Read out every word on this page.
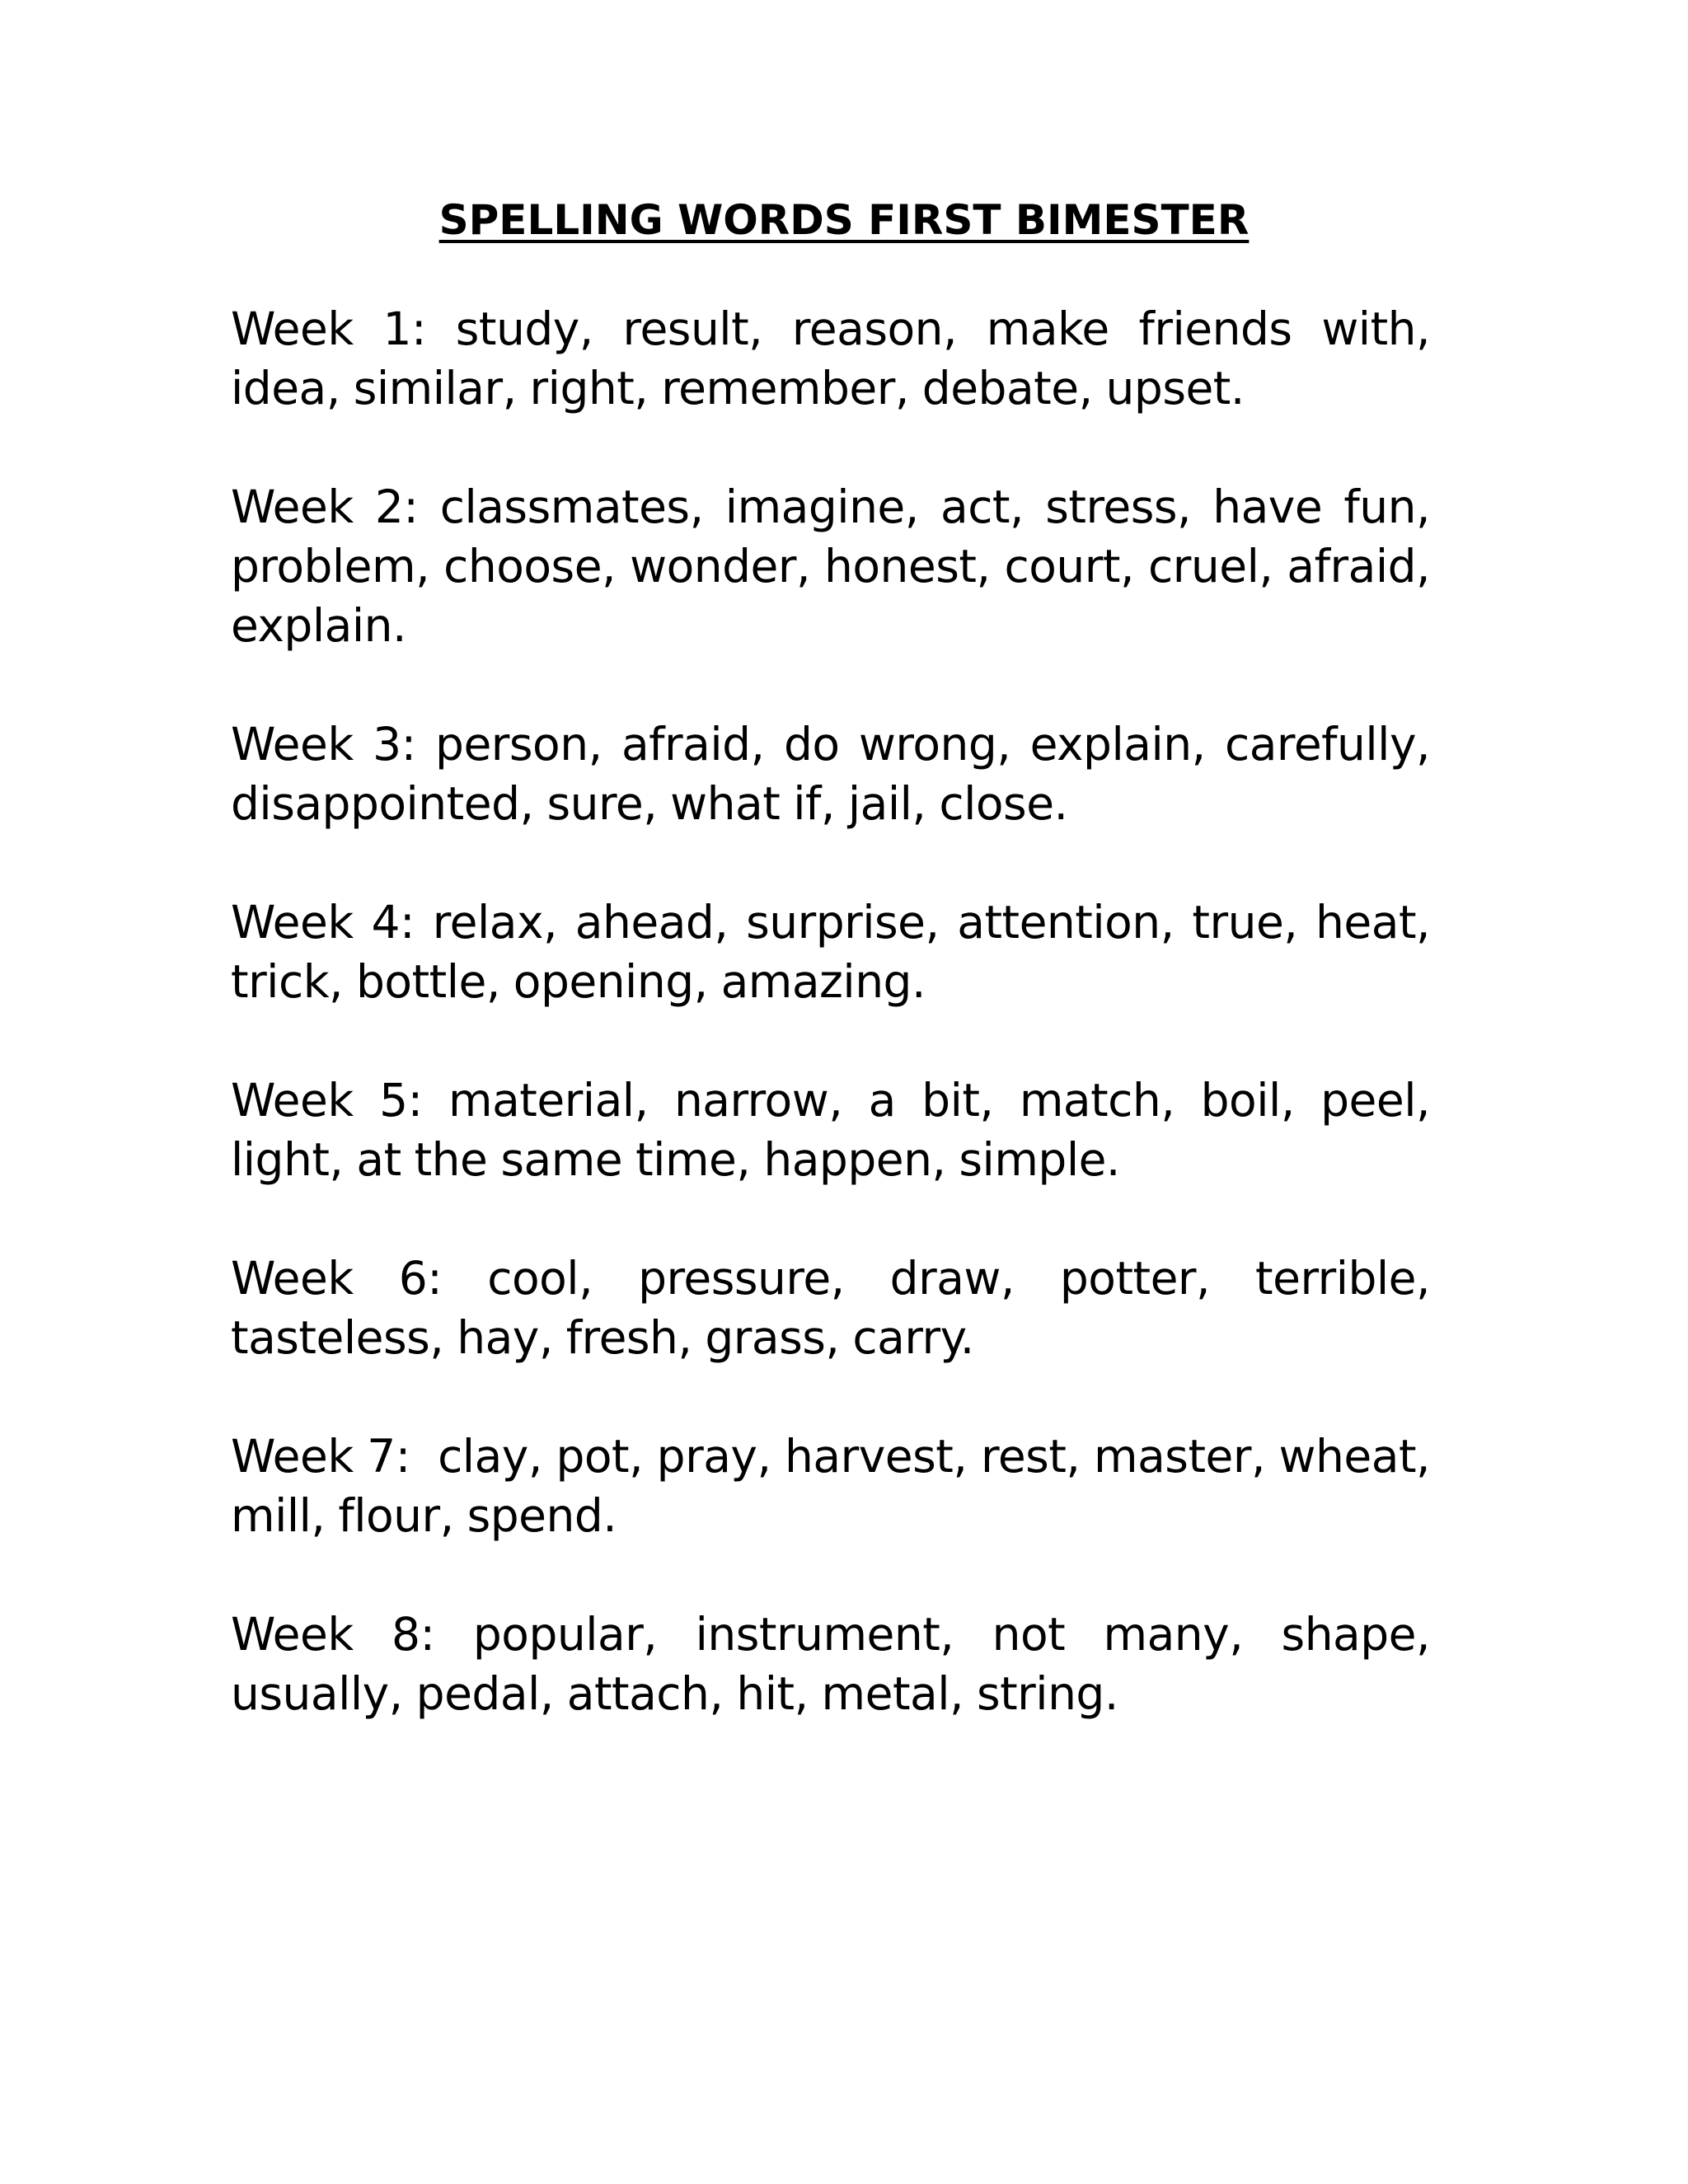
SPELLING WORDS FIRST BIMESTER

Week 1: study, result, reason, make friends with, idea, similar, right, remember, debate, upset.

Week 2: classmates, imagine, act, stress, have fun, problem, choose, wonder, honest, court, cruel, afraid, explain.

Week 3: person, afraid, do wrong, explain, carefully, disappointed, sure, what if, jail, close.

Week 4: relax, ahead, surprise, attention, true, heat, trick, bottle, opening, amazing.

Week 5: material, narrow, a bit, match, boil, peel, light, at the same time, happen, simple.

Week 6: cool, pressure, draw, potter, terrible, tasteless, hay, fresh, grass, carry.

Week 7:  clay, pot, pray, harvest, rest, master, wheat, mill, flour, spend.

Week 8: popular, instrument, not many, shape, usually, pedal, attach, hit, metal, string.
